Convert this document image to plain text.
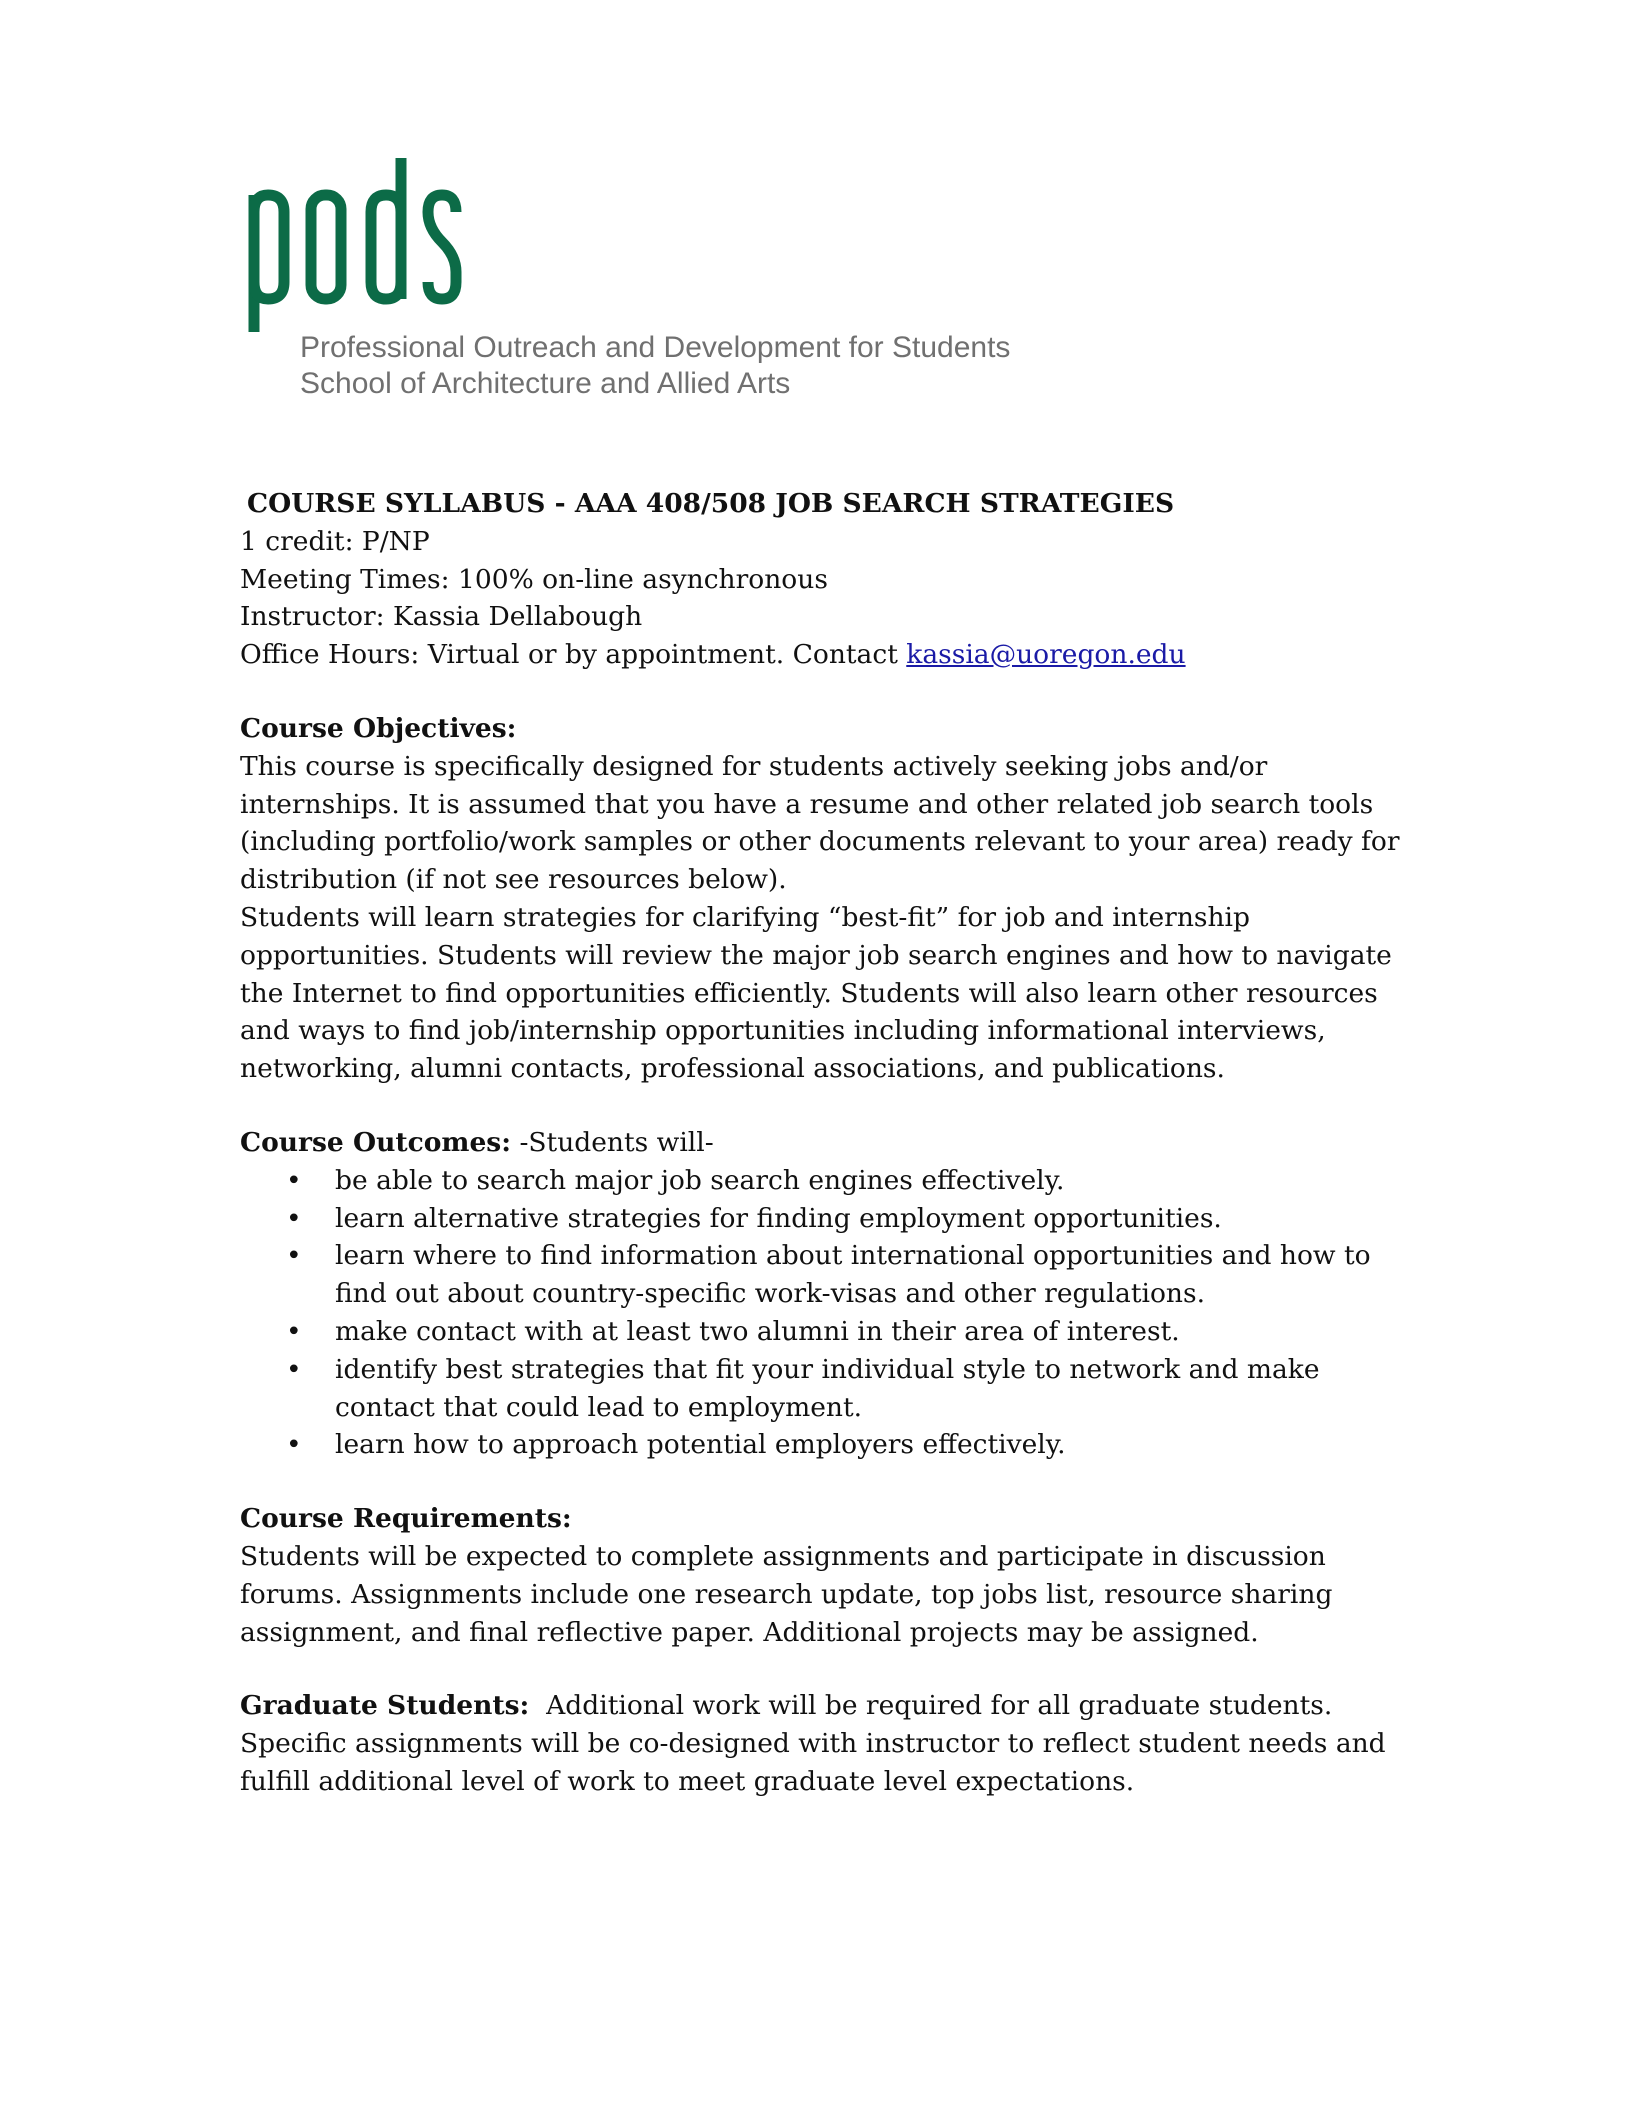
Professional Outreach and Development for Students
School of Architecture and Allied Arts

COURSE SYLLABUS - AAA 408/508 JOB SEARCH STRATEGIES

1 credit: P/NP

Meeting Times: 100% on-line asynchronous

Instructor: Kassia Dellabough

Office Hours: Virtual or by appointment. Contact kassia@uoregon.edu

Course Objectives:

This course is specifically designed for students actively seeking jobs and/or internships. It is assumed that you have a resume and other related job search tools (including portfolio/work samples or other documents relevant to your area) ready for distribution (if not see resources below).

Students will learn strategies for clarifying “best-fit” for job and internship opportunities. Students will review the major job search engines and how to navigate the Internet to find opportunities efficiently. Students will also learn other resources and ways to find job/internship opportunities including informational interviews, networking, alumni contacts, professional associations, and publications.

Course Outcomes: -Students will-

• be able to search major job search engines effectively.
• learn alternative strategies for finding employment opportunities.
• learn where to find information about international opportunities and how to find out about country-specific work-visas and other regulations.
• make contact with at least two alumni in their area of interest.
• identify best strategies that fit your individual style to network and make contact that could lead to employment.
• learn how to approach potential employers effectively.

Course Requirements:

Students will be expected to complete assignments and participate in discussion forums. Assignments include one research update, top jobs list, resource sharing assignment, and final reflective paper. Additional projects may be assigned.

Graduate Students:  Additional work will be required for all graduate students. Specific assignments will be co-designed with instructor to reflect student needs and fulfill additional level of work to meet graduate level expectations.
